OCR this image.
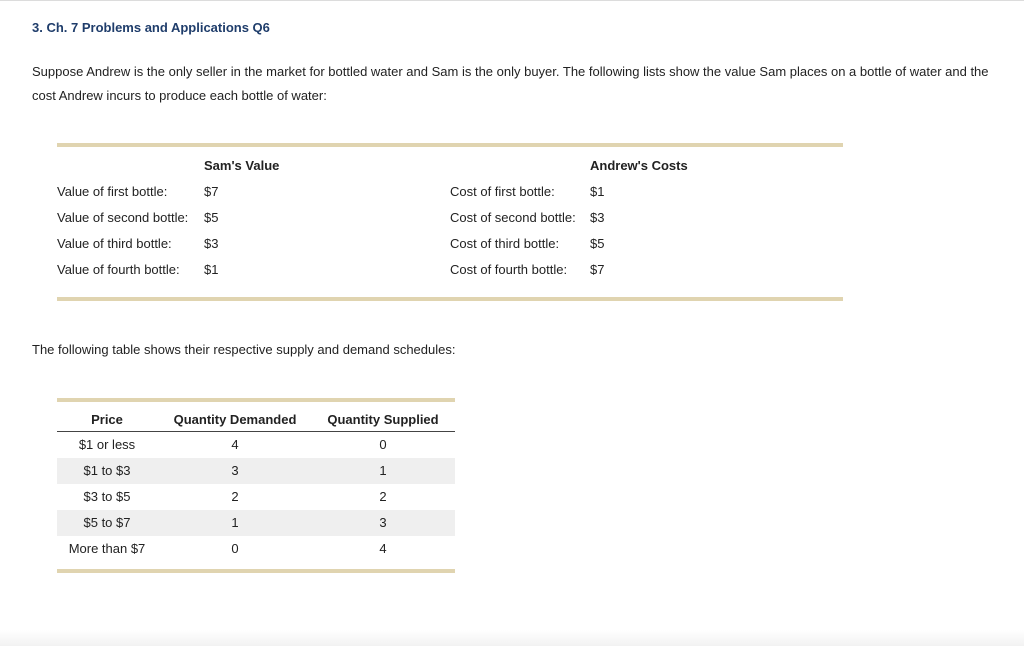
3. Ch. 7 Problems and Applications Q6

Suppose Andrew is the only seller in the market for bottled water and Sam is the only buyer. The following lists show the value Sam places on a bottle of water and the cost Andrew incurs to produce each bottle of water:

Sam's Value	Andrew's Costs
Value of first bottle:	$7	Cost of first bottle:	$1
Value of second bottle: $5	Cost of second bottle: $3
Value of third bottle: $3	Cost of third bottle: $5
Value of fourth bottle: $1	Cost of fourth bottle: $7

The following table shows their respective supply and demand schedules:

Price	Quantity Demanded	Quantity Supplied
$1 or less	4	0
$1 to $3	3	1
$3 to $5	2	2
$5 to $7	1	3
More than $7	0	4
